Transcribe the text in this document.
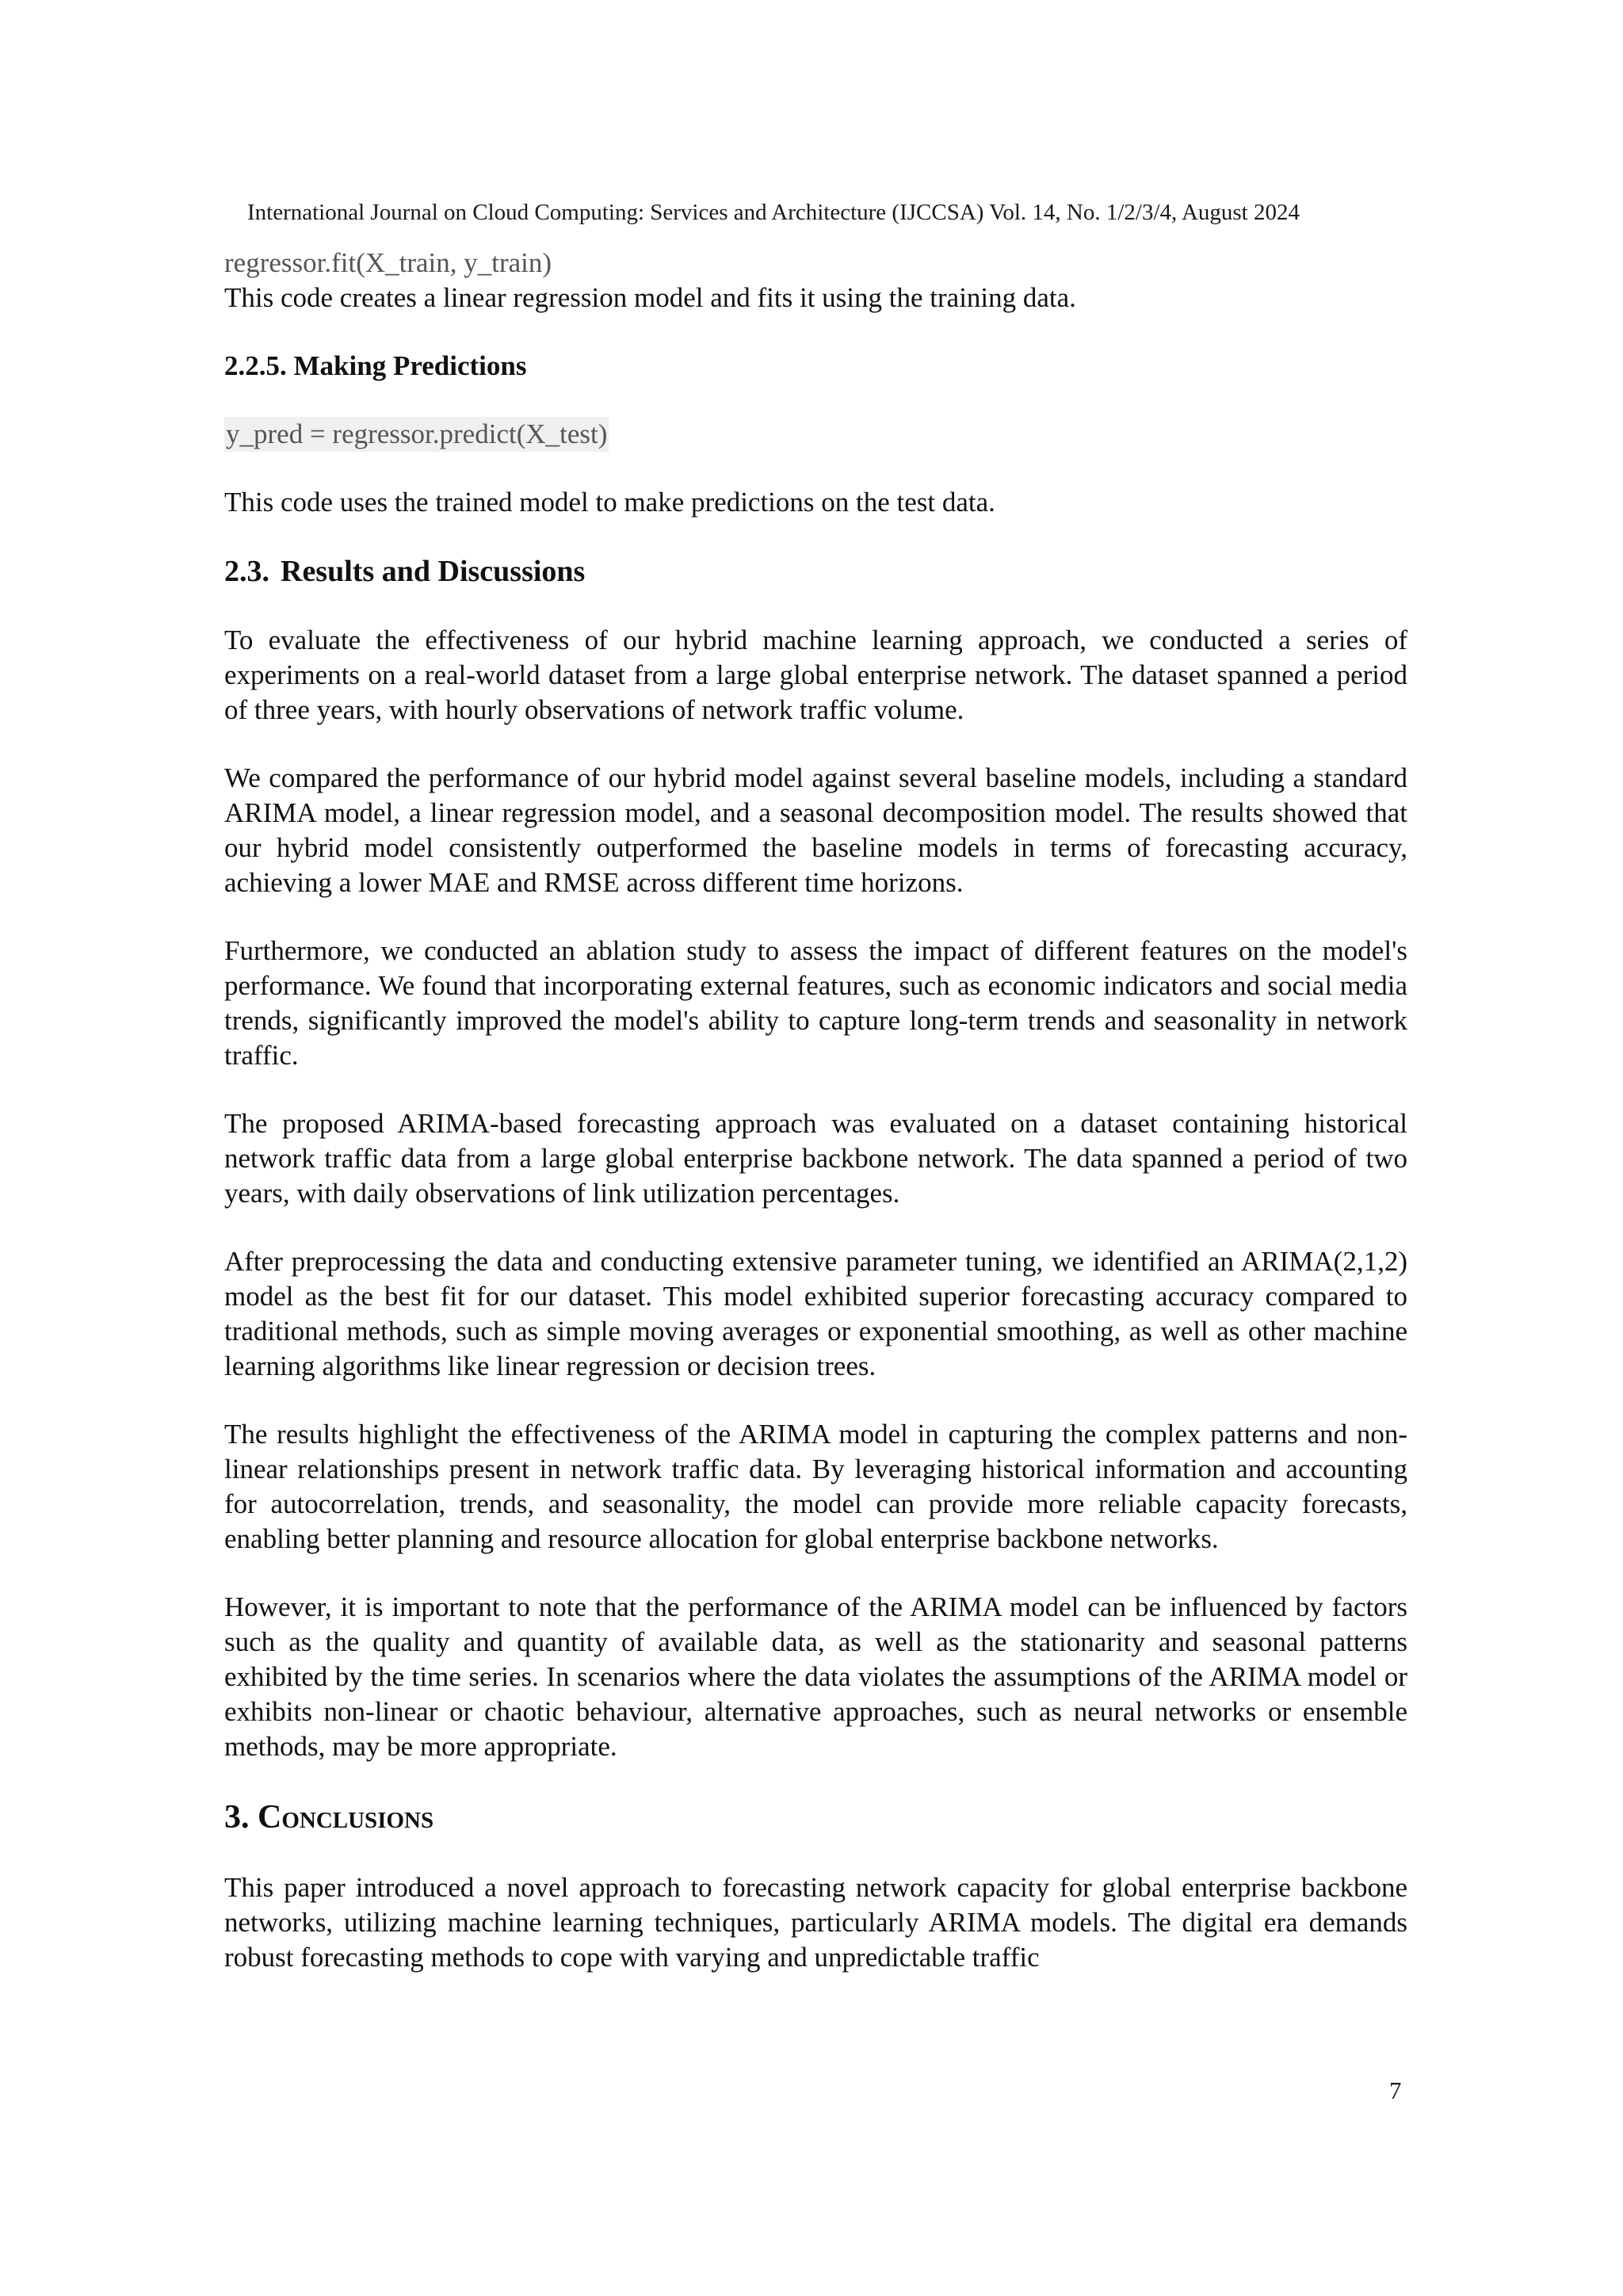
International Journal on Cloud Computing: Services and Architecture (IJCCSA) Vol. 14, No. 1/2/3/4, August 2024

regressor.fit(X_train, y_train)

This code creates a linear regression model and fits it using the training data.

2.2.5. Making Predictions

y_pred = regressor.predict(X_test)

This code uses the trained model to make predictions on the test data.

2.3. Results and Discussions

To evaluate the effectiveness of our hybrid machine learning approach, we conducted a series of experiments on a real-world dataset from a large global enterprise network. The dataset spanned a period of three years, with hourly observations of network traffic volume.

We compared the performance of our hybrid model against several baseline models, including a standard ARIMA model, a linear regression model, and a seasonal decomposition model. The results showed that our hybrid model consistently outperformed the baseline models in terms of forecasting accuracy, achieving a lower MAE and RMSE across different time horizons.

Furthermore, we conducted an ablation study to assess the impact of different features on the model's performance. We found that incorporating external features, such as economic indicators and social media trends, significantly improved the model's ability to capture long-term trends and seasonality in network traffic.

The proposed ARIMA-based forecasting approach was evaluated on a dataset containing historical network traffic data from a large global enterprise backbone network. The data spanned a period of two years, with daily observations of link utilization percentages.

After preprocessing the data and conducting extensive parameter tuning, we identified an ARIMA(2,1,2) model as the best fit for our dataset. This model exhibited superior forecasting accuracy compared to traditional methods, such as simple moving averages or exponential smoothing, as well as other machine learning algorithms like linear regression or decision trees.

The results highlight the effectiveness of the ARIMA model in capturing the complex patterns and non-linear relationships present in network traffic data. By leveraging historical information and accounting for autocorrelation, trends, and seasonality, the model can provide more reliable capacity forecasts, enabling better planning and resource allocation for global enterprise backbone networks.

However, it is important to note that the performance of the ARIMA model can be influenced by factors such as the quality and quantity of available data, as well as the stationarity and seasonal patterns exhibited by the time series. In scenarios where the data violates the assumptions of the ARIMA model or exhibits non-linear or chaotic behaviour, alternative approaches, such as neural networks or ensemble methods, may be more appropriate.

3. Conclusions

This paper introduced a novel approach to forecasting network capacity for global enterprise backbone networks, utilizing machine learning techniques, particularly ARIMA models. The digital era demands robust forecasting methods to cope with varying and unpredictable traffic

7
